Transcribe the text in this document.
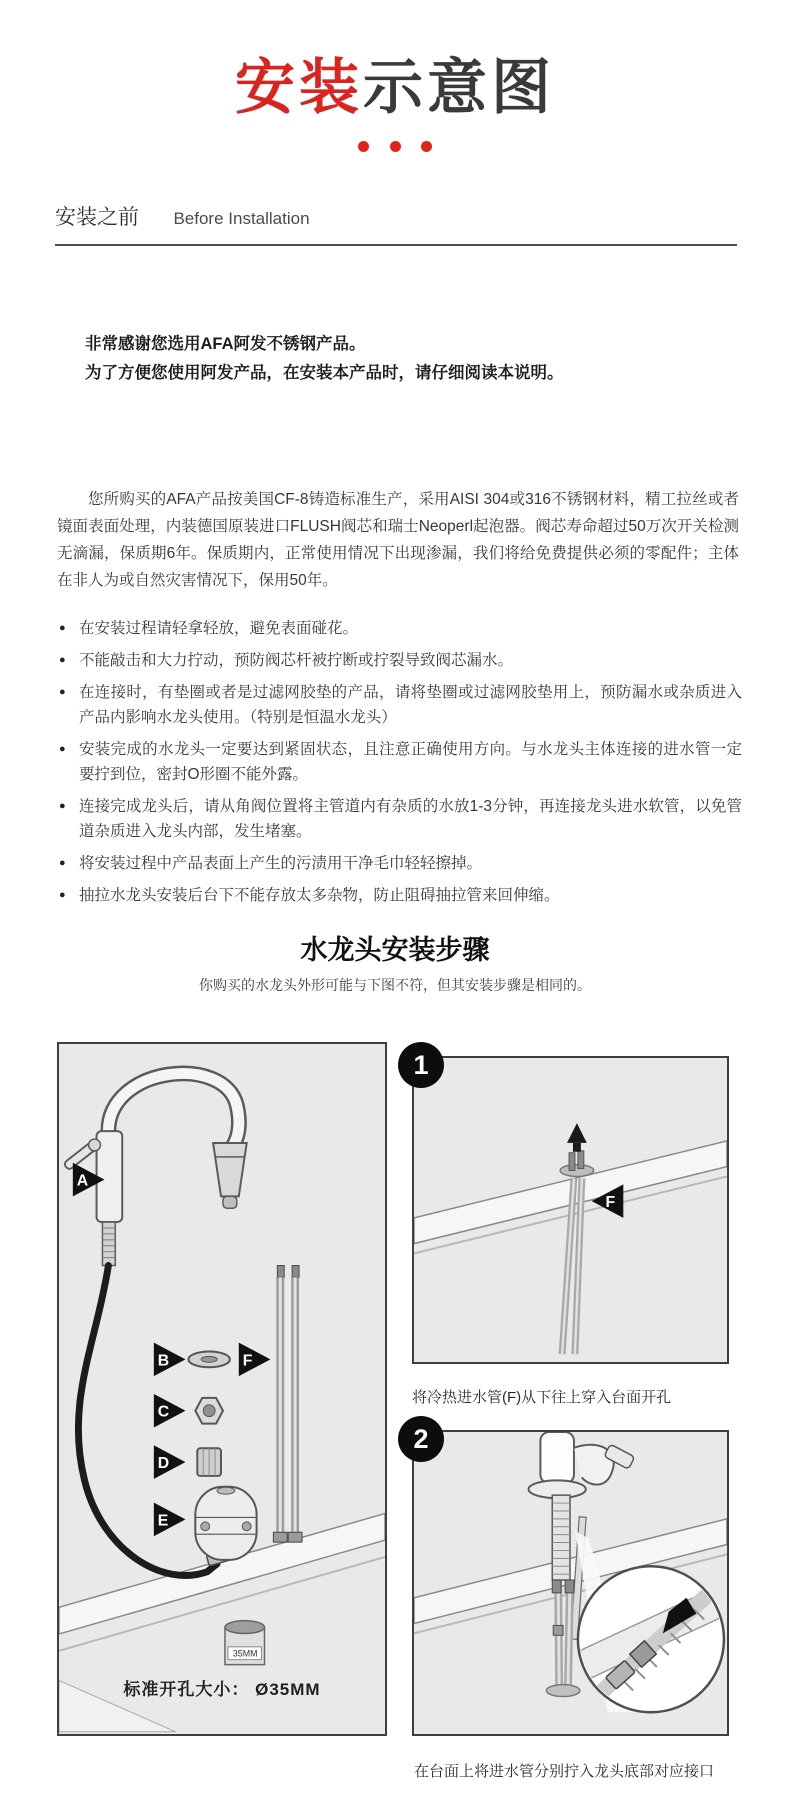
安装示意图

安装之前 Before Installation
非常感谢您选用AFA阿发不锈钢产品。
为了方便您使用阿发产品，在安装本产品时，请仔细阅读本说明。
您所购买的AFA产品按美国CF-8铸造标准生产，采用AISI 304或316不锈钢材料，精工拉丝或者镜面表面处理，内装德国原装进口FLUSH阀芯和瑞士Neoperl起泡器。阀芯寿命超过50万次开关检测无滴漏，保质期6年。保质期内，正常使用情况下出现渗漏，我们将给免费提供必须的零配件；主体在非人为或自然灾害情况下，保用50年。
● 在安装过程请轻拿轻放，避免表面碰花。
● 不能敲击和大力拧动，预防阀芯杆被拧断或拧裂导致阀芯漏水。
● 在连接时，有垫圈或者是过滤网胶垫的产品，请将垫圈或过滤网胶垫用上，预防漏水或杂质进入产品内影响水龙头使用。（特别是恒温水龙头）
● 安装完成的水龙头一定要达到紧固状态，且注意正确使用方向。与水龙头主体连接的进水管一定要拧到位，密封O形圈不能外露。
● 连接完成龙头后，请从角阀位置将主管道内有杂质的水放1-3分钟，再连接龙头进水软管，以免管道杂质进入龙头内部，发生堵塞。
● 将安装过程中产品表面上产生的污渍用干净毛巾轻轻擦掉。
● 抽拉水龙头安装后台下不能存放太多杂物，防止阻碍抽拉管来回伸缩。
水龙头安装步骤
你购买的水龙头外形可能与下图不符，但其安装步骤是相同的。
A
B
C
D
E
F
35MM
1
F
将冷热进水管(F)从下往上穿入台面开孔
2
在台面上将进水管分别拧入龙头底部对应接口
标准开孔大小： Ø35MM
